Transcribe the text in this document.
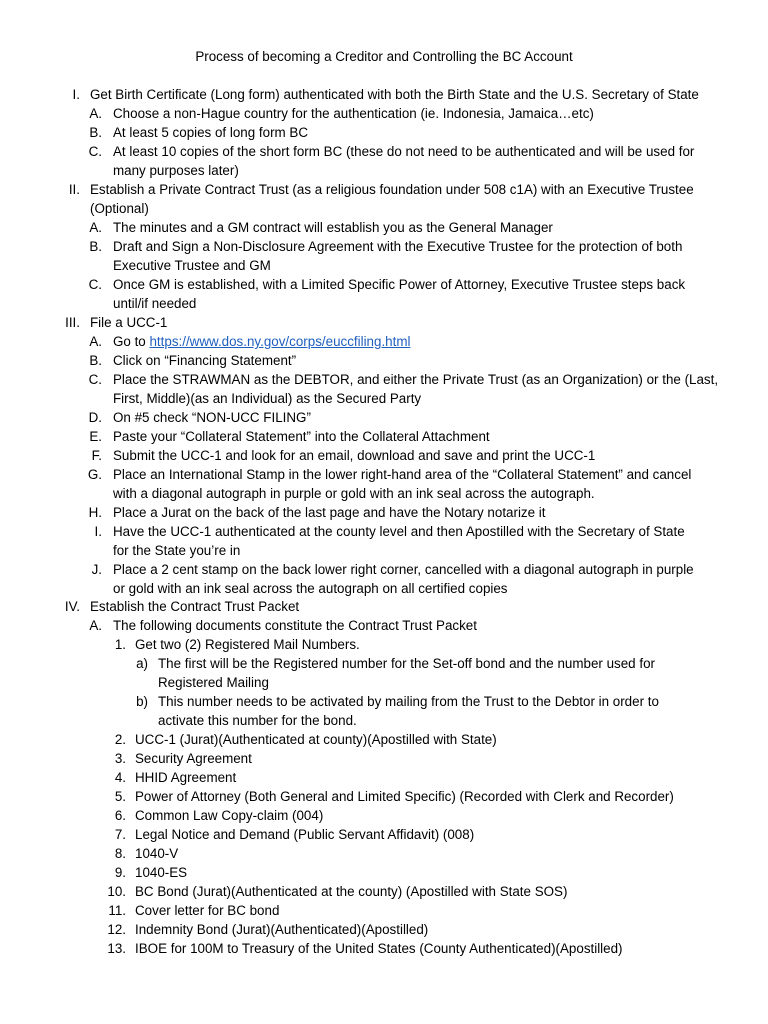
Process of becoming a Creditor and Controlling the BC Account
I. Get Birth Certificate (Long form) authenticated with both the Birth State and the U.S. Secretary of State
A. Choose a non-Hague country for the authentication (ie. Indonesia, Jamaica…etc)
B. At least 5 copies of long form BC
C. At least 10 copies of the short form BC (these do not need to be authenticated and will be used for
many purposes later)
II. Establish a Private Contract Trust (as a religious foundation under 508 c1A) with an Executive Trustee
(Optional)
A. The minutes and a GM contract will establish you as the General Manager
B. Draft and Sign a Non-Disclosure Agreement with the Executive Trustee for the protection of both
Executive Trustee and GM
C. Once GM is established, with a Limited Specific Power of Attorney, Executive Trustee steps back
until/if needed
III. File a UCC-1
A. Go to https://www.dos.ny.gov/corps/euccfiling.html
B. Click on “Financing Statement”
C. Place the STRAWMAN as the DEBTOR, and either the Private Trust (as an Organization) or the (Last,
First, Middle)(as an Individual) as the Secured Party
D. On #5 check “NON-UCC FILING”
E. Paste your “Collateral Statement” into the Collateral Attachment
F. Submit the UCC-1 and look for an email, download and save and print the UCC-1
G. Place an International Stamp in the lower right-hand area of the “Collateral Statement” and cancel
with a diagonal autograph in purple or gold with an ink seal across the autograph.
H. Place a Jurat on the back of the last page and have the Notary notarize it
I. Have the UCC-1 authenticated at the county level and then Apostilled with the Secretary of State
for the State you’re in
J. Place a 2 cent stamp on the back lower right corner, cancelled with a diagonal autograph in purple
or gold with an ink seal across the autograph on all certified copies
IV. Establish the Contract Trust Packet
A. The following documents constitute the Contract Trust Packet
1. Get two (2) Registered Mail Numbers.
a) The first will be the Registered number for the Set-off bond and the number used for
Registered Mailing
b) This number needs to be activated by mailing from the Trust to the Debtor in order to
activate this number for the bond.
2. UCC-1 (Jurat)(Authenticated at county)(Apostilled with State)
3. Security Agreement
4. HHID Agreement
5. Power of Attorney (Both General and Limited Specific) (Recorded with Clerk and Recorder)
6. Common Law Copy-claim (004)
7. Legal Notice and Demand (Public Servant Affidavit) (008)
8. 1040-V
9. 1040-ES
10. BC Bond (Jurat)(Authenticated at the county) (Apostilled with State SOS)
11. Cover letter for BC bond
12. Indemnity Bond (Jurat)(Authenticated)(Apostilled)
13. IBOE for 100M to Treasury of the United States (County Authenticated)(Apostilled)
